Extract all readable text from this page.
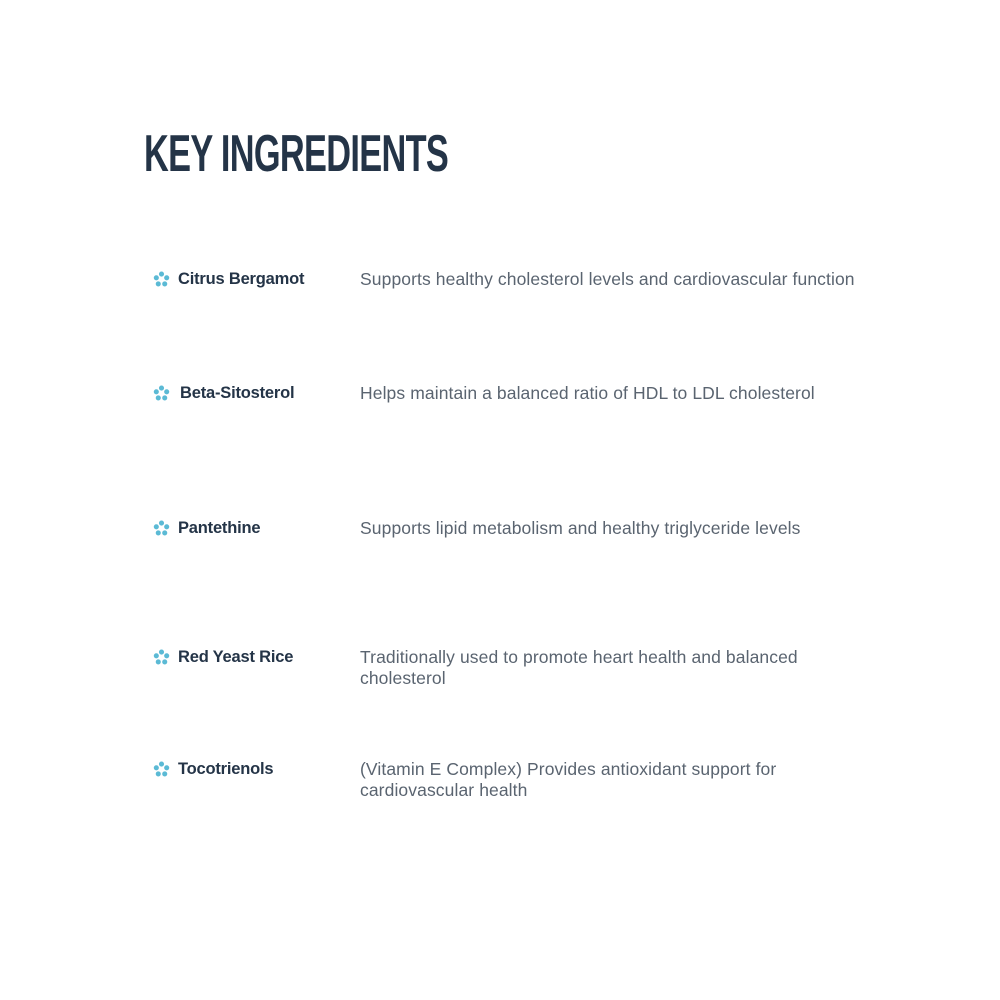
KEY INGREDIENTS
Citrus Bergamot	Supports healthy cholesterol levels and cardiovascular function
Beta-Sitosterol	Helps maintain a balanced ratio of HDL to LDL cholesterol
Pantethine	Supports lipid metabolism and healthy triglyceride levels
Red Yeast Rice	Traditionally used to promote heart health and balanced cholesterol
Tocotrienols	(Vitamin E Complex) Provides antioxidant support for cardiovascular health
